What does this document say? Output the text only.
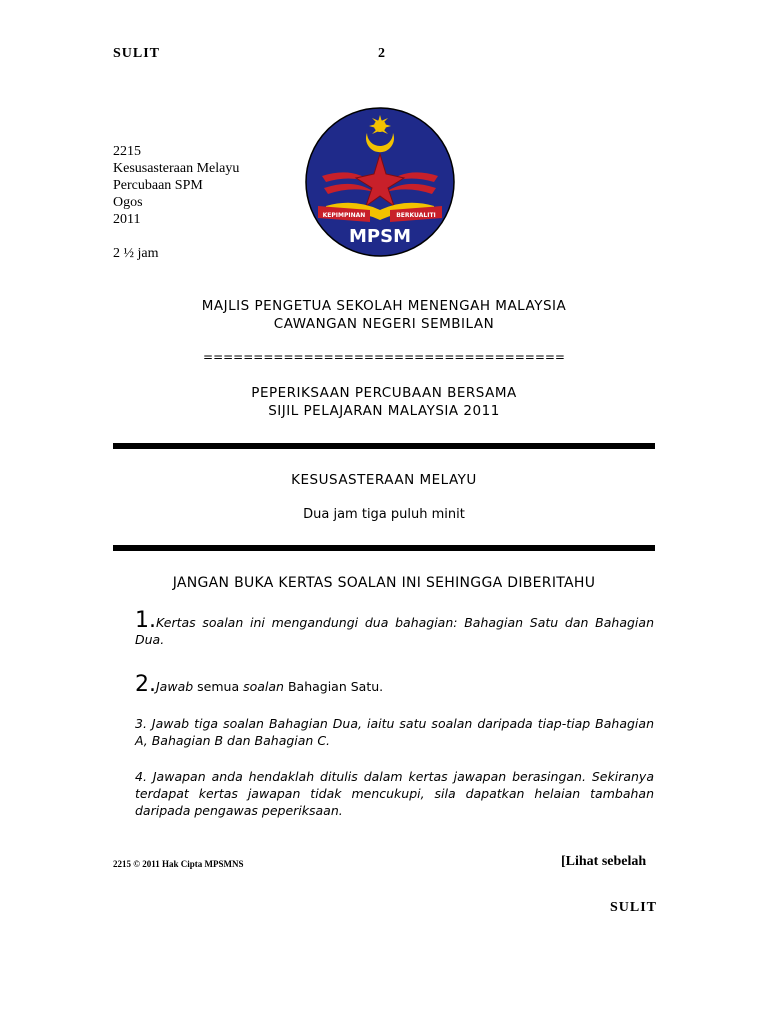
SULIT	2
2215
Kesusasteraan Melayu
Percubaan SPM
Ogos
2011
2 ½ jam
KEPIMPINAN	BERKUALITI
MPSM
MAJLIS PENGETUA SEKOLAH MENENGAH MALAYSIA
CAWANGAN NEGERI SEMBILAN
====================================
PEPERIKSAAN PERCUBAAN BERSAMA
SIJIL PELAJARAN MALAYSIA 2011
KESUSASTERAAN MELAYU
Dua jam tiga puluh minit
JANGAN BUKA KERTAS SOALAN INI SEHINGGA DIBERITAHU
1.Kertas soalan ini mengandungi dua bahagian: Bahagian Satu dan Bahagian Dua.
2.Jawab semua soalan Bahagian Satu.
3. Jawab tiga soalan Bahagian Dua, iaitu satu soalan daripada tiap-tiap Bahagian A, Bahagian B dan Bahagian C.
4. Jawapan anda hendaklah ditulis dalam kertas jawapan berasingan. Sekiranya terdapat kertas jawapan tidak mencukupi, sila dapatkan helaian tambahan daripada pengawas peperiksaan.
2215 © 2011 Hak Cipta MPSMNS	[Lihat sebelah
SULIT
